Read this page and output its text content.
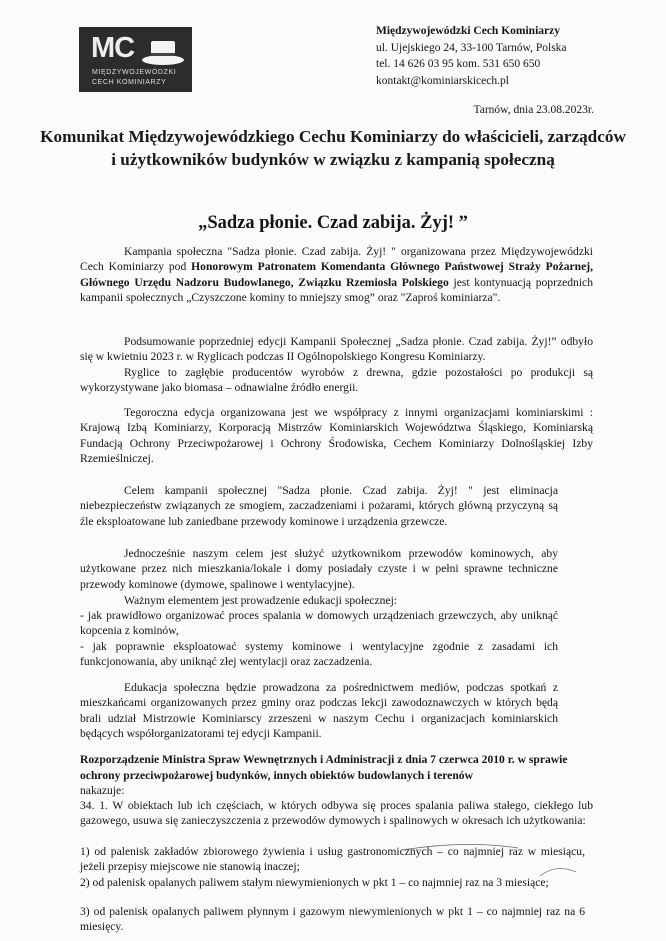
MC
MIĘDZYWOJEWÓDZKI
CECH KOMINIARZY
Międzywojewódzki Cech Kominiarzy
ul. Ujejskiego 24, 33-100 Tarnów, Polska
tel. 14 626 03 95 kom. 531 650 650
kontakt@kominiarskicech.pl
Tarnów, dnia 23.08.2023r.
Komunikat Międzywojewódzkiego Cechu Kominiarzy do właścicieli, zarządców i użytkowników budynków w związku z kampanią społeczną
„Sadza płonie. Czad zabija. Żyj! ”
Kampania społeczna "Sadza płonie. Czad zabija. Żyj! " organizowana przez Międzywojewódzki Cech Kominiarzy pod Honorowym Patronatem Komendanta Głównego Państwowej Straży Pożarnej, Głównego Urzędu Nadzoru Budowlanego, Związku Rzemiosła Polskiego jest kontynuacją poprzednich kampanii społecznych „Czyszczone kominy to mniejszy smog” oraz "Zaproś kominiarza".
Podsumowanie poprzedniej edycji Kampanii Społecznej „Sadza płonie. Czad zabija. Żyj!” odbyło się w kwietniu 2023 r. w Ryglicach podczas II Ogólnopolskiego Kongresu Kominiarzy.
Ryglice to zagłębie producentów wyrobów z drewna, gdzie pozostałości po produkcji są wykorzystywane jako biomasa – odnawialne źródło energii.
Tegoroczna edycja organizowana jest we współpracy z innymi organizacjami kominiarskimi : Krajową Izbą Kominiarzy, Korporacją Mistrzów Kominiarskich Województwa Śląskiego, Kominiarską Fundacją Ochrony Przeciwpożarowej i Ochrony Środowiska, Cechem Kominiarzy Dolnośląskiej Izby Rzemieślniczej.
Celem kampanii społecznej "Sadza płonie. Czad zabija. Żyj! " jest eliminacja niebezpieczeństw związanych ze smogiem, zaczadzeniami i pożarami, których główną przyczyną są źle eksploatowane lub zaniedbane przewody kominowe i urządzenia grzewcze.
Jednocześnie naszym celem jest służyć użytkownikom przewodów kominowych, aby użytkowane przez nich mieszkania/lokale i domy posiadały czyste i w pełni sprawne techniczne przewody kominowe (dymowe, spalinowe i wentylacyjne).
Ważnym elementem jest prowadzenie edukacji społecznej:
- jak prawidłowo organizować proces spalania w domowych urządzeniach grzewczych, aby uniknąć kopcenia z kominów,
- jak poprawnie eksploatować systemy kominowe i wentylacyjne zgodnie z zasadami ich funkcjonowania, aby uniknąć złej wentylacji oraz zaczadzenia.
Edukacja społeczna będzie prowadzona za pośrednictwem mediów, podczas spotkań z mieszkańcami organizowanych przez gminy oraz podczas lekcji zawodoznawczych w których będą brali udział Mistrzowie Kominiarscy zrzeszeni w naszym Cechu i organizacjach kominiarskich będących współorganizatorami tej edycji Kampanii.
Rozporządzenie Ministra Spraw Wewnętrznych i Administracji z dnia 7 czerwca 2010 r. w sprawie ochrony przeciwpożarowej budynków, innych obiektów budowlanych i terenów
nakazuje:
34. 1. W obiektach lub ich częściach, w których odbywa się proces spalania paliwa stałego, ciekłego lub gazowego, usuwa się zanieczyszczenia z przewodów dymowych i spalinowych w okresach ich użytkowania:
1) od palenisk zakładów zbiorowego żywienia i usług gastronomicznych – co najmniej raz w miesiącu, jeżeli przepisy miejscowe nie stanowią inaczej;
2) od palenisk opalanych paliwem stałym niewymienionych w pkt 1 – co najmniej raz na 3 miesiące;
3) od palenisk opalanych paliwem płynnym i gazowym niewymienionych w pkt 1 – co najmniej raz na 6 miesięcy.
